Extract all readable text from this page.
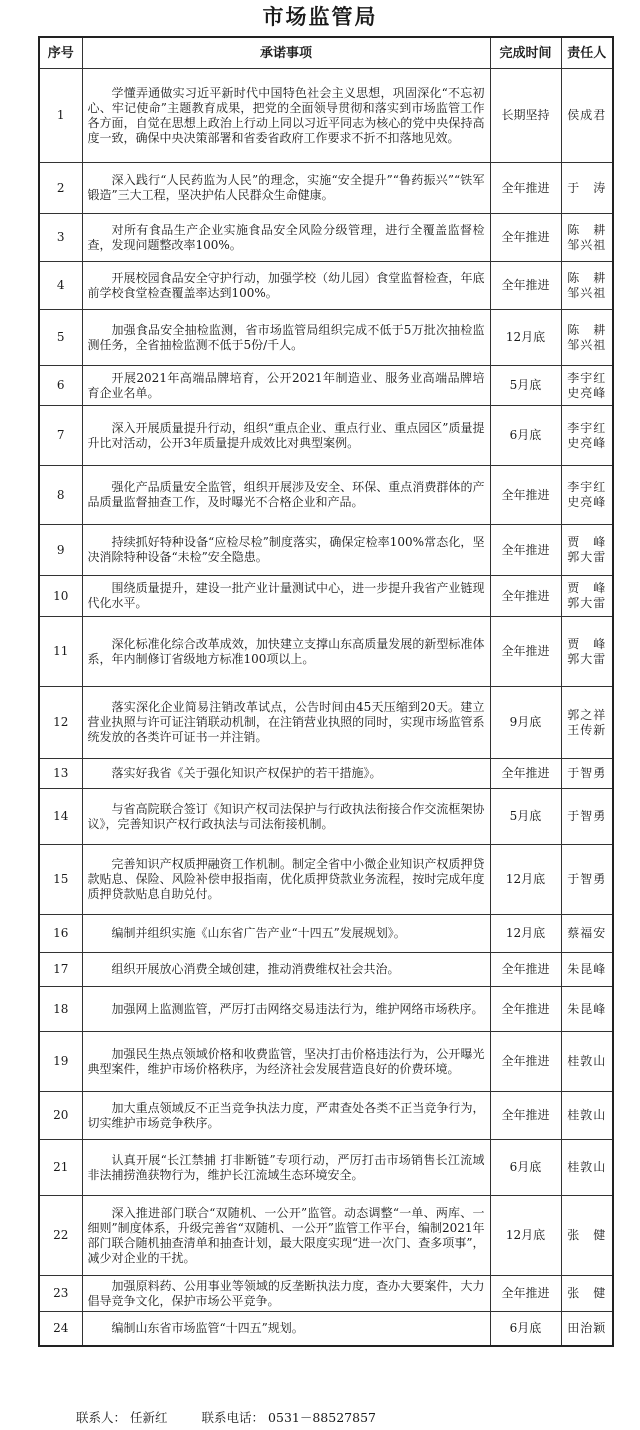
市场监管局
序号	承诺事项	完成时间	责任人
1	学懂弄通做实习近平新时代中国特色社会主义思想，巩固深化“不忘初心、牢记使命”主题教育成果，把党的全面领导贯彻和落实到市场监管工作各方面，自觉在思想上政治上行动上同以习近平同志为核心的党中央保持高度一致，确保中央决策部署和省委省政府工作要求不折不扣落地见效。	长期坚持	侯成君

2	深入践行“人民药监为人民”的理念，实施“安全提升”“鲁药振兴”“铁军锻造”三大工程，坚决护佑人民群众生命健康。	全年推进	于　涛

3	对所有食品生产企业实施食品安全风险分级管理，进行全覆盖监督检查，发现问题整改率100%。	全年推进	陈　耕
邹兴祖

4	开展校园食品安全守护行动，加强学校（幼儿园）食堂监督检查，年底前学校食堂检查覆盖率达到100%。	全年推进	陈　耕
邹兴祖

5	加强食品安全抽检监测，省市场监管局组织完成不低于5万批次抽检监测任务，全省抽检监测不低于5份/千人。	12月底	陈　耕
邹兴祖

6	开展2021年高端品牌培育，公开2021年制造业、服务业高端品牌培育企业名单。	5月底	李宇红
史亮峰

7	深入开展质量提升行动，组织“重点企业、重点行业、重点园区”质量提升比对活动，公开3年质量提升成效比对典型案例。	6月底	李宇红
史亮峰

8	强化产品质量安全监管，组织开展涉及安全、环保、重点消费群体的产品质量监督抽查工作，及时曝光不合格企业和产品。	全年推进	李宇红
史亮峰

9	持续抓好特种设备“应检尽检”制度落实，确保定检率100%常态化，坚决消除特种设备“未检”安全隐患。	全年推进	贾　峰
郭大雷

10	围绕质量提升，建设一批产业计量测试中心，进一步提升我省产业链现代化水平。	全年推进	贾　峰
郭大雷

11	深化标准化综合改革成效，加快建立支撑山东高质量发展的新型标准体系，年内制修订省级地方标准100项以上。	全年推进	贾　峰
郭大雷

12	落实深化企业简易注销改革试点，公告时间由45天压缩到20天。建立营业执照与许可证注销联动机制，在注销营业执照的同时，实现市场监管系统发放的各类许可证书一并注销。	9月底	郭之祥
王传新

13	落实好我省《关于强化知识产权保护的若干措施》。	全年推进	于智勇

14	与省高院联合签订《知识产权司法保护与行政执法衔接合作交流框架协议》，完善知识产权行政执法与司法衔接机制。	5月底	于智勇

15	完善知识产权质押融资工作机制。制定全省中小微企业知识产权质押贷款贴息、保险、风险补偿申报指南，优化质押贷款业务流程，按时完成年度质押贷款贴息自助兑付。	12月底	于智勇

16	编制并组织实施《山东省广告产业“十四五”发展规划》。	12月底	蔡福安

17	组织开展放心消费全域创建，推动消费维权社会共治。	全年推进	朱昆峰

18	加强网上监测监管，严厉打击网络交易违法行为，维护网络市场秩序。	全年推进	朱昆峰

19	加强民生热点领域价格和收费监管，坚决打击价格违法行为，公开曝光典型案件，维护市场价格秩序，为经济社会发展营造良好的价费环境。	全年推进	桂敦山

20	加大重点领域反不正当竞争执法力度，严肃查处各类不正当竞争行为，切实维护市场竞争秩序。	全年推进	桂敦山

21	认真开展“长江禁捕 打非断链”专项行动，严厉打击市场销售长江流域非法捕捞渔获物行为，维护长江流域生态环境安全。	6月底	桂敦山

22	深入推进部门联合“双随机、一公开”监管。动态调整“一单、两库、一细则”制度体系，升级完善省“双随机、一公开”监管工作平台，编制2021年部门联合随机抽查清单和抽查计划，最大限度实现“进一次门、查多项事”，减少对企业的干扰。	12月底	张　健

23	加强原料药、公用事业等领域的反垄断执法力度，查办大要案件，大力倡导竞争文化，保护市场公平竞争。	全年推进	张　健

24	编制山东省市场监管“十四五”规划。	6月底	田治颖
联系人： 任新红	联系电话： 0531－88527857
